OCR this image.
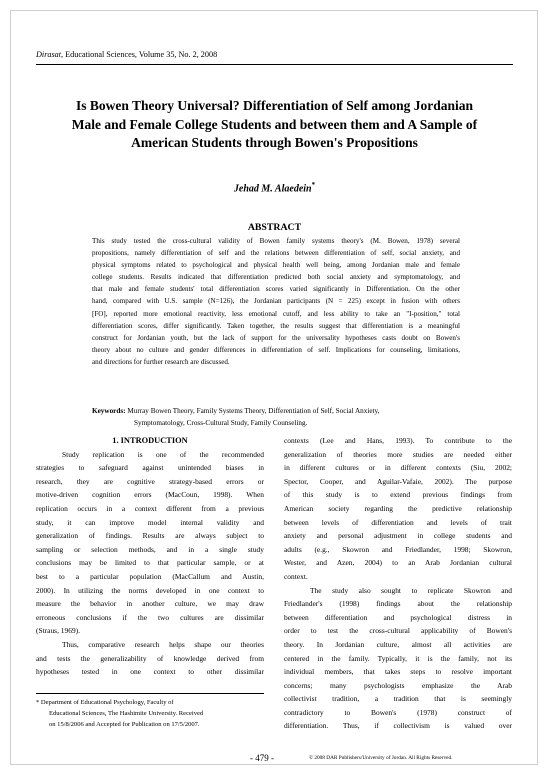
Dirasat, Educational Sciences, Volume 35, No. 2, 2008
Is Bowen Theory Universal? Differentiation of Self among Jordanian
Male and Female College Students and between them and A Sample of
American Students through Bowen's Propositions
Jehad M. Alaedein*
ABSTRACT
This study tested the cross-cultural validity of Bowen family systems theory's (M. Bowen, 1978) several
propositions, namely differentiation of self and the relations between differentiation of self, social anxiety, and
physical symptoms related to psychological and physical health well being, among Jordanian male and female
college students. Results indicated that differentiation predicted both social anxiety and symptomatology, and
that male and female students' total differentiation scores varied significantly in Differentiation. On the other
hand, compared with U.S. sample (N=126), the Jordanian participants (N = 225) except in fusion with others
[FO], reported more emotional reactivity, less emotional cutoff, and less ability to take an "I-position," total
differentiation scores, differ significantly. Taken together, the results suggest that differentiation is a meaningful
construct for Jordanian youth, but the lack of support for the universality hypotheses casts doubt on Bowen's
theory about no culture and gender differences in differentiation of self. Implications for counseling, limitations,
and directions for further research are discussed.
Keywords: Murray Bowen Theory, Family Systems Theory, Differentiation of Self, Social Anxiety,
Symptomatology, Cross-Cultural Study, Family Counseling.
1. INTRODUCTION
Study replication is one of the recommended
strategies to safeguard against unintended biases in
research, they are cognitive strategy-based errors or
motive-driven cognition errors (MacCoun, 1998). When
replication occurs in a context different from a previous
study, it can improve model internal validity and
generalization of findings. Results are always subject to
sampling or selection methods, and in a single study
conclusions may be limited to that particular sample, or at
best to a particular population (MacCallum and Austin,
2000). In utilizing the norms developed in one context to
measure the behavior in another culture, we may draw
erroneous conclusions if the two cultures are dissimilar
(Straus, 1969).
Thus, comparative research helps shape our theories
and tests the generalizability of knowledge derived from
hypotheses tested in one context to other dissimilar
contexts (Lee and Hans, 1993). To contribute to the
generalization of theories more studies are needed either
in different cultures or in different contexts (Siu, 2002;
Spector, Cooper, and Aguilar-Vafaie, 2002). The purpose
of this study is to extend previous findings from
American society regarding the predictive relationship
between levels of differentiation and levels of trait
anxiety and personal adjustment in college students and
adults (e.g., Skowron and Friedlander, 1998; Skowron,
Wester, and Azen, 2004) to an Arab Jordanian cultural
context.
The study also sought to replicate Skowron and
Friedlander's (1998) findings about the relationship
between differentiation and psychological distress in
order to test the cross-cultural applicability of Bowen's
theory. In Jordanian culture, almost all activities are
centered in the family. Typically, it is the family, not its
individual members, that takes steps to resolve important
concerns; many psychologists emphasize the Arab
collectivist tradition, a tradition that is seemingly
contradictory to Bowen's (1978) construct of
differentiation. Thus, if collectivism is valued over
* Department of Educational Psychology, Faculty of
Educational Sciences, The Hashimite University. Received
on 15/8/2006 and Accepted for Publication on 17/5/2007.
- 479 -	© 2008 DAR Publishers/University of Jordan. All Rights Reserved.
